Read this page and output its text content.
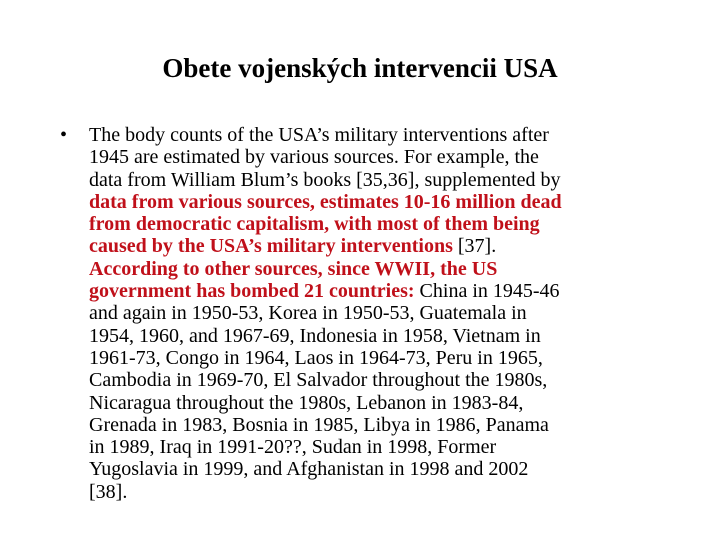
Obete vojenských intervencii USA
• The body counts of the USA’s military interventions after
1945 are estimated by various sources. For example, the
data from William Blum’s books [35,36], supplemented by
data from various sources, estimates 10-16 million dead
from democratic capitalism, with most of them being
caused by the USA’s military interventions [37].
According to other sources, since WWII, the US
government has bombed 21 countries: China in 1945-46
and again in 1950-53, Korea in 1950-53, Guatemala in
1954, 1960, and 1967-69, Indonesia in 1958, Vietnam in
1961-73, Congo in 1964, Laos in 1964-73, Peru in 1965,
Cambodia in 1969-70, El Salvador throughout the 1980s,
Nicaragua throughout the 1980s, Lebanon in 1983-84,
Grenada in 1983, Bosnia in 1985, Libya in 1986, Panama
in 1989, Iraq in 1991-20??, Sudan in 1998, Former
Yugoslavia in 1999, and Afghanistan in 1998 and 2002
[38].
